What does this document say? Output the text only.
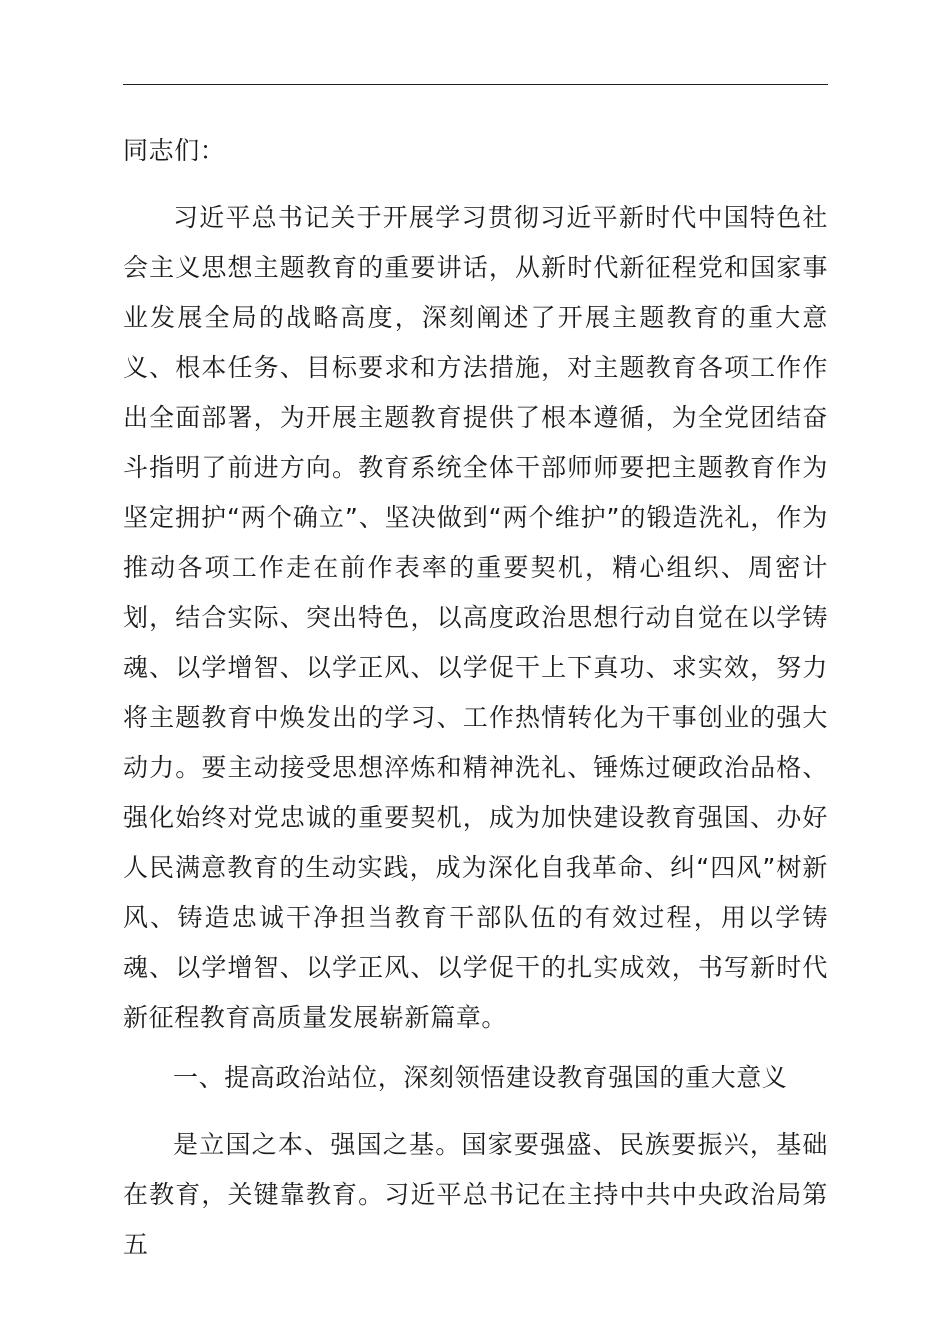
同志们：

习近平总书记关于开展学习贯彻习近平新时代中国特色社会主义思想主题教育的重要讲话，从新时代新征程党和国家事业发展全局的战略高度，深刻阐述了开展主题教育的重大意义、根本任务、目标要求和方法措施，对主题教育各项工作作出全面部署，为开展主题教育提供了根本遵循，为全党团结奋斗指明了前进方向。教育系统全体干部师师要把主题教育作为坚定拥护“两个确立”、坚决做到“两个维护”的锻造洗礼，作为推动各项工作走在前作表率的重要契机，精心组织、周密计划，结合实际、突出特色，以高度政治思想行动自觉在以学铸魂、以学增智、以学正风、以学促干上下真功、求实效，努力将主题教育中焕发出的学习、工作热情转化为干事创业的强大动力。要主动接受思想淬炼和精神洗礼、锤炼过硬政治品格、强化始终对党忠诚的重要契机，成为加快建设教育强国、办好人民满意教育的生动实践，成为深化自我革命、纠“四风”树新风、铸造忠诚干净担当教育干部队伍的有效过程，用以学铸魂、以学增智、以学正风、以学促干的扎实成效，书写新时代新征程教育高质量发展崭新篇章。

一、提高政治站位，深刻领悟建设教育强国的重大意义

是立国之本、强国之基。国家要强盛、民族要振兴，基础在教育，关键靠教育。习近平总书记在主持中共中央政治局第五
